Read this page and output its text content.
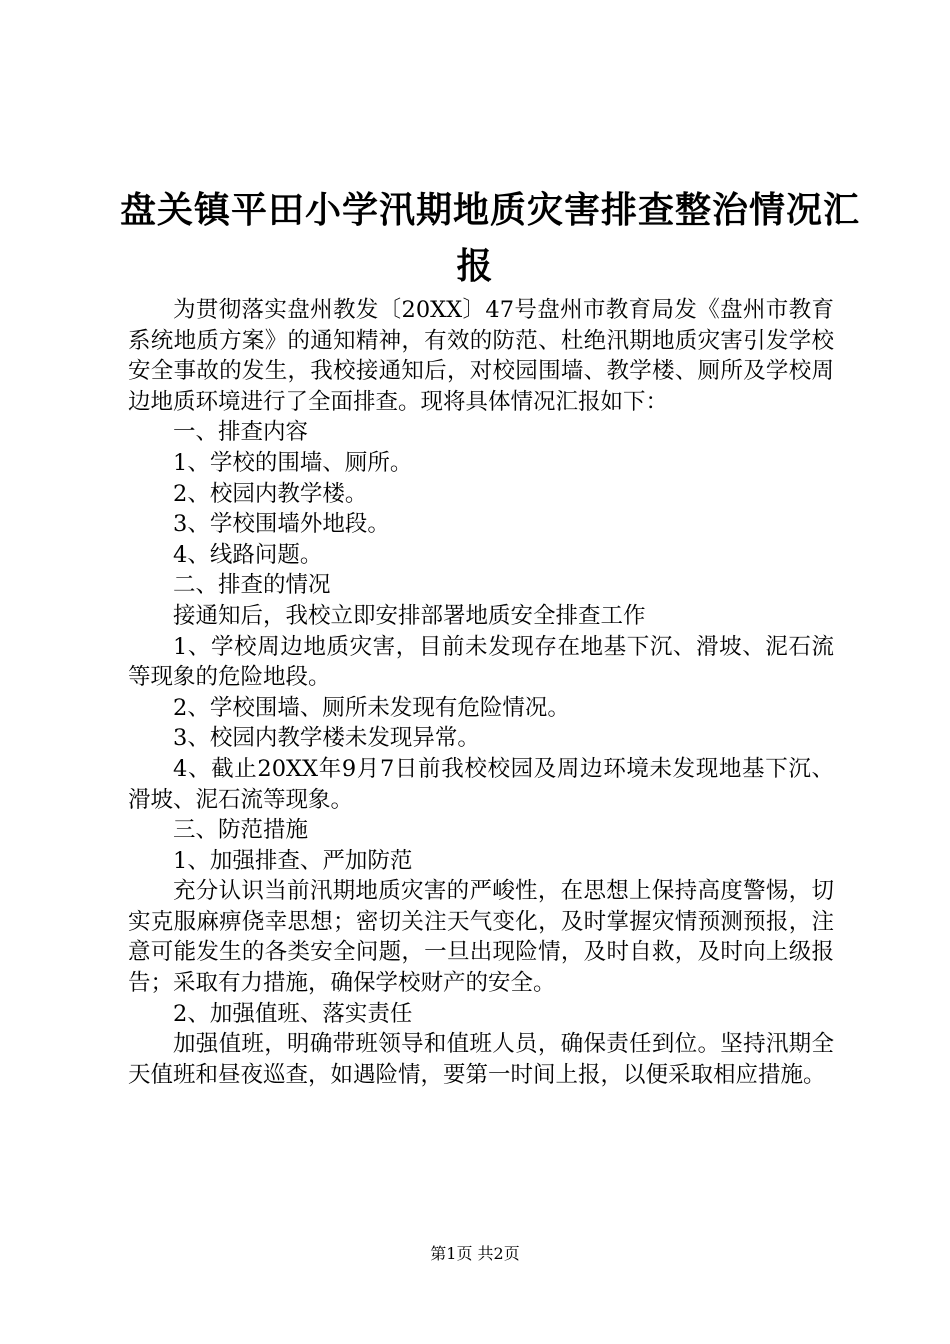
盘关镇平田小学汛期地质灾害排查整治情况汇
报

为贯彻落实盘州教发〔20XX〕47号盘州市教育局发《盘州市教育系统地质方案》的通知精神，有效的防范、杜绝汛期地质灾害引发学校安全事故的发生，我校接通知后，对校园围墙、教学楼、厕所及学校周边地质环境进行了全面排查。现将具体情况汇报如下：

一、排查内容

1、学校的围墙、厕所。

2、校园内教学楼。

3、学校围墙外地段。

4、线路问题。

二、排查的情况

接通知后，我校立即安排部署地质安全排查工作

1、学校周边地质灾害，目前未发现存在地基下沉、滑坡、泥石流等现象的危险地段。

2、学校围墙、厕所未发现有危险情况。

3、校园内教学楼未发现异常。

4、截止20XX年9月7日前我校校园及周边环境未发现地基下沉、滑坡、泥石流等现象。

三、防范措施

1、加强排查、严加防范

充分认识当前汛期地质灾害的严峻性，在思想上保持高度警惕，切实克服麻痹侥幸思想；密切关注天气变化，及时掌握灾情预测预报，注意可能发生的各类安全问题，一旦出现险情，及时自救，及时向上级报告；采取有力措施，确保学校财产的安全。

2、加强值班、落实责任

加强值班，明确带班领导和值班人员，确保责任到位。坚持汛期全天值班和昼夜巡查，如遇险情，要第一时间上报，以便采取相应措施。

第1页 共2页
